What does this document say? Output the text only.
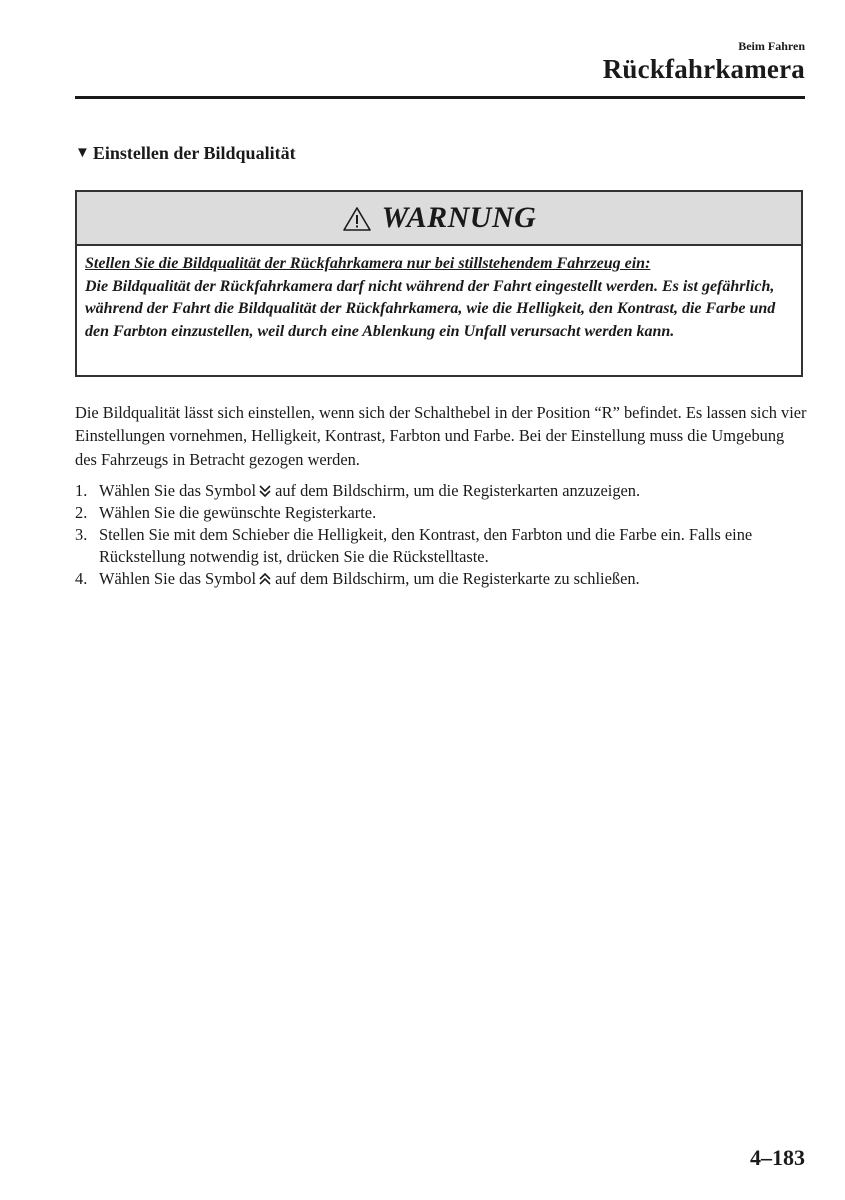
Beim Fahren
Rückfahrkamera
▼ Einstellen der Bildqualität
WARNUNG

Stellen Sie die Bildqualität der Rückfahrkamera nur bei stillstehendem Fahrzeug ein:

Die Bildqualität der Rückfahrkamera darf nicht während der Fahrt eingestellt werden. Es ist gefährlich, während der Fahrt die Bildqualität der Rückfahrkamera, wie die Helligkeit, den Kontrast, die Farbe und den Farbton einzustellen, weil durch eine Ablenkung ein Unfall verursacht werden kann.

Die Bildqualität lässt sich einstellen, wenn sich der Schalthebel in der Position “R” befindet. Es lassen sich vier Einstellungen vornehmen, Helligkeit, Kontrast, Farbton und Farbe. Bei der Einstellung muss die Umgebung des Fahrzeugs in Betracht gezogen werden.

1. Wählen Sie das Symbol auf dem Bildschirm, um die Registerkarten anzuzeigen.
2. Wählen Sie die gewünschte Registerkarte.
3. Stellen Sie mit dem Schieber die Helligkeit, den Kontrast, den Farbton und die Farbe ein. Falls eine Rückstellung notwendig ist, drücken Sie die Rückstelltaste.
4. Wählen Sie das Symbol auf dem Bildschirm, um die Registerkarte zu schließen.
4–183
